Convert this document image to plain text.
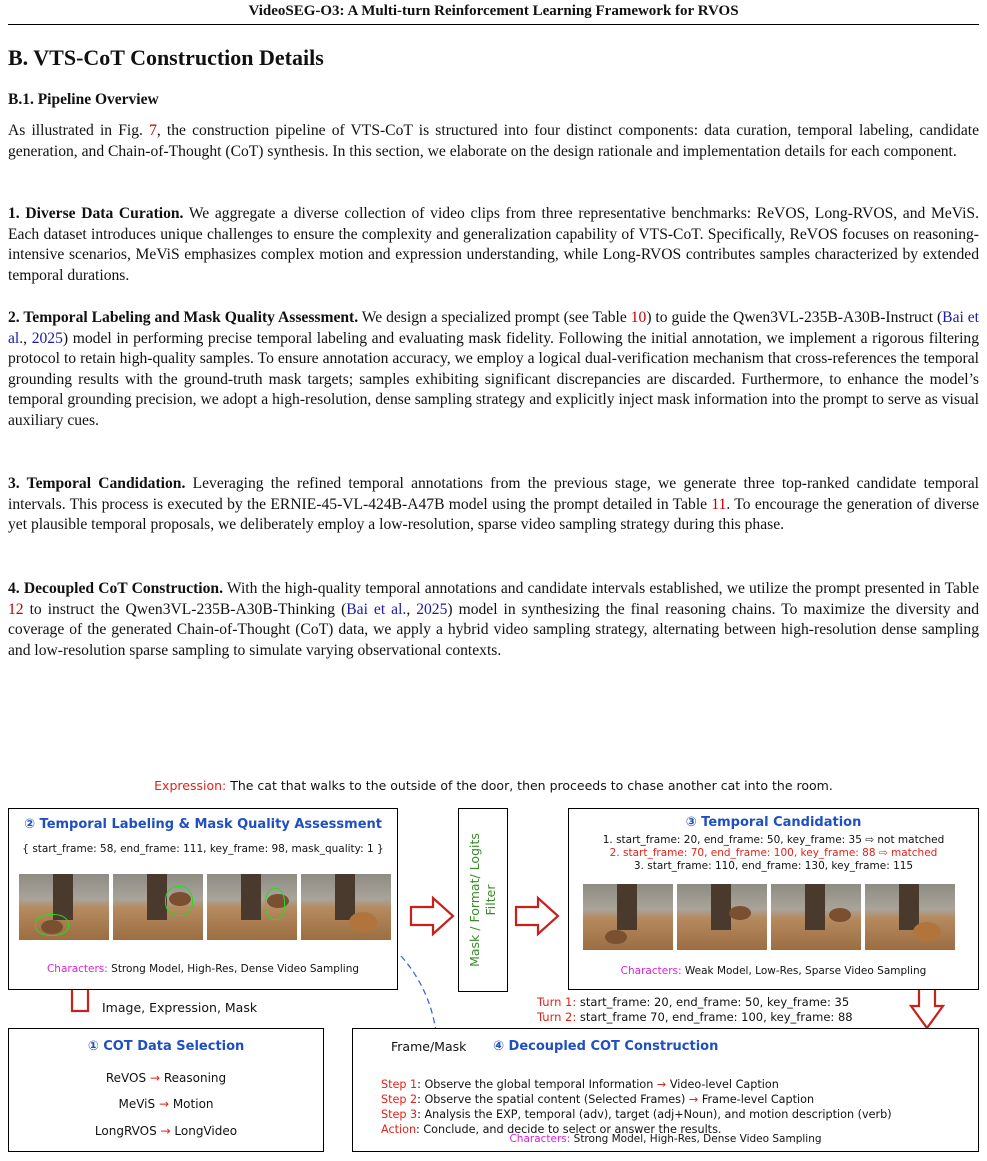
VideoSEG-O3: A Multi-turn Reinforcement Learning Framework for RVOS
B. VTS-CoT Construction Details
B.1. Pipeline Overview

As illustrated in Fig. 7, the construction pipeline of VTS-CoT is structured into four distinct components: data curation, temporal labeling, candidate generation, and Chain-of-Thought (CoT) synthesis. In this section, we elaborate on the design rationale and implementation details for each component.

1. Diverse Data Curation. We aggregate a diverse collection of video clips from three representative benchmarks: ReVOS, Long-RVOS, and MeViS. Each dataset introduces unique challenges to ensure the complexity and generalization capability of VTS-CoT. Specifically, ReVOS focuses on reasoning-intensive scenarios, MeViS emphasizes complex motion and expression understanding, while Long-RVOS contributes samples characterized by extended temporal durations.

2. Temporal Labeling and Mask Quality Assessment. We design a specialized prompt (see Table 10) to guide the Qwen3VL-235B-A30B-Instruct (Bai et al., 2025) model in performing precise temporal labeling and evaluating mask fidelity. Following the initial annotation, we implement a rigorous filtering protocol to retain high-quality samples. To ensure annotation accuracy, we employ a logical dual-verification mechanism that cross-references the temporal grounding results with the ground-truth mask targets; samples exhibiting significant discrepancies are discarded. Furthermore, to enhance the model’s temporal grounding precision, we adopt a high-resolution, dense sampling strategy and explicitly inject mask information into the prompt to serve as visual auxiliary cues.

3. Temporal Candidation. Leveraging the refined temporal annotations from the previous stage, we generate three top-ranked candidate temporal intervals. This process is executed by the ERNIE-45-VL-424B-A47B model using the prompt detailed in Table 11. To encourage the generation of diverse yet plausible temporal proposals, we deliberately employ a low-resolution, sparse video sampling strategy during this phase.

4. Decoupled CoT Construction. With the high-quality temporal annotations and candidate intervals established, we utilize the prompt presented in Table 12 to instruct the Qwen3VL-235B-A30B-Thinking (Bai et al., 2025) model in synthesizing the final reasoning chains. To maximize the diversity and coverage of the generated Chain-of-Thought (CoT) data, we apply a hybrid video sampling strategy, alternating between high-resolution dense sampling and low-resolution sparse sampling to simulate varying observational contexts.

Expression: The cat that walks to the outside of the door, then proceeds to chase another cat into the room.
② Temporal Labeling & Mask Quality Assessment
{ start_frame: 58, end_frame: 111, key_frame: 98, mask_quality: 1 }
Characters: Strong Model, High-Res, Dense Video Sampling
Mask / Format/ Logits Filter
③ Temporal Candidation
1. start_frame: 20, end_frame: 50, key_frame: 35 ⇨ not matched
2. start_frame: 70, end_frame: 100, key_frame: 88 ⇨ matched
3. start_frame: 110, end_frame: 130, key_frame: 115
Characters: Weak Model, Low-Res, Sparse Video Sampling
Turn 1: start_frame: 20, end_frame: 50, key_frame: 35
Turn 2: start_frame 70, end_frame: 100, key_frame: 88
Image, Expression, Mask
① COT Data Selection
ReVOS → Reasoning
MeViS → Motion
LongRVOS → LongVideo
Frame/Mask ④ Decoupled COT Construction
Step 1: Observe the global temporal Information → Video-level Caption
Step 2: Observe the spatial content (Selected Frames) → Frame-level Caption
Step 3: Analysis the EXP, temporal (adv), target (adj+Noun), and motion description (verb)
Action: Conclude, and decide to select or answer the results.
Characters: Strong Model, High-Res, Dense Video Sampling
